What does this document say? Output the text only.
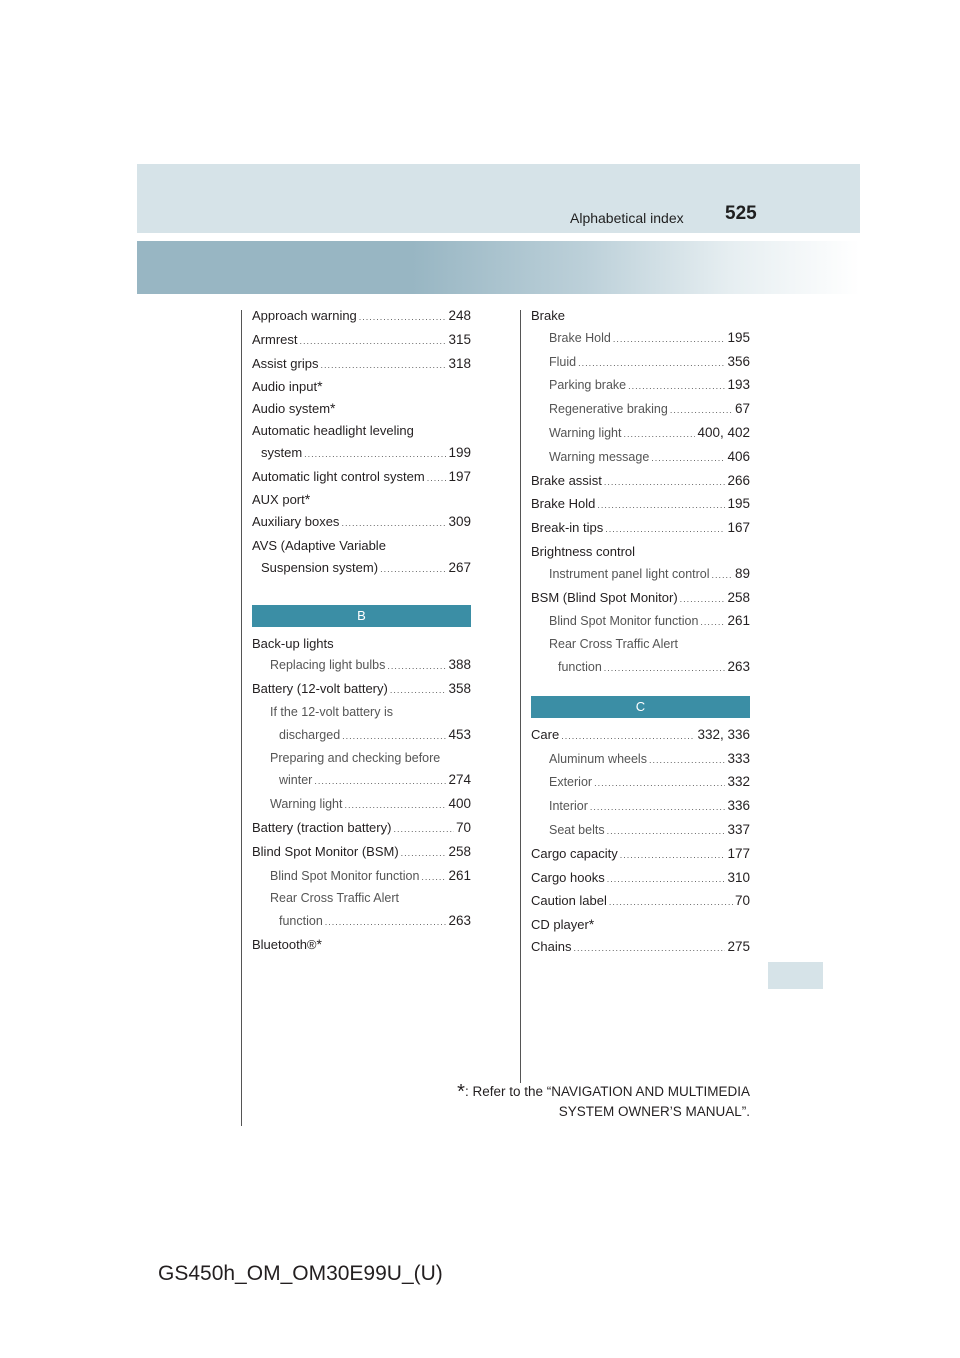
Alphabetical index 525
Approach warning .....	248
Armrest .....	315
Assist grips .....	318
Audio input *
Audio system *
Automatic headlight leveling
system .....	199
Automatic light control system ..... 197
AUX port *
Auxiliary boxes .....	309
AVS (Adaptive Variable
Suspension system) .....	267
B
Back-up lights
Replacing light bulbs .....	388
Battery (12-volt battery) .....	358
If the 12-volt battery is
discharged .....	453
Preparing and checking before
winter .....	274
Warning light .....	400
Battery (traction battery) .....	70
Blind Spot Monitor (BSM) .....	258
Blind Spot Monitor function ..... 261
Rear Cross Traffic Alert
function .....	263
Bluetooth® *
Brake
Brake Hold .....	195
Fluid .....	356
Parking brake .....	193
Regenerative braking .....	67
Warning light .....	400, 402
Warning message .....	406
Brake assist .....	266
Brake Hold .....	195
Break-in tips .....	167
Brightness control
Instrument panel light control ..... 89
BSM (Blind Spot Monitor) .....	258
Blind Spot Monitor function ..... 261
Rear Cross Traffic Alert
function .....	263
C
Care .....	332, 336
Aluminum wheels .....	333
Exterior .....	332
Interior .....	336
Seat belts .....	337
Cargo capacity .....	177
Cargo hooks .....	310
Caution label .....	70
CD player *
Chains .....	275
*: Refer to the “NAVIGATION AND MULTIMEDIA
SYSTEM OWNER’S MANUAL”.
GS450h_OM_OM30E99U_(U)
